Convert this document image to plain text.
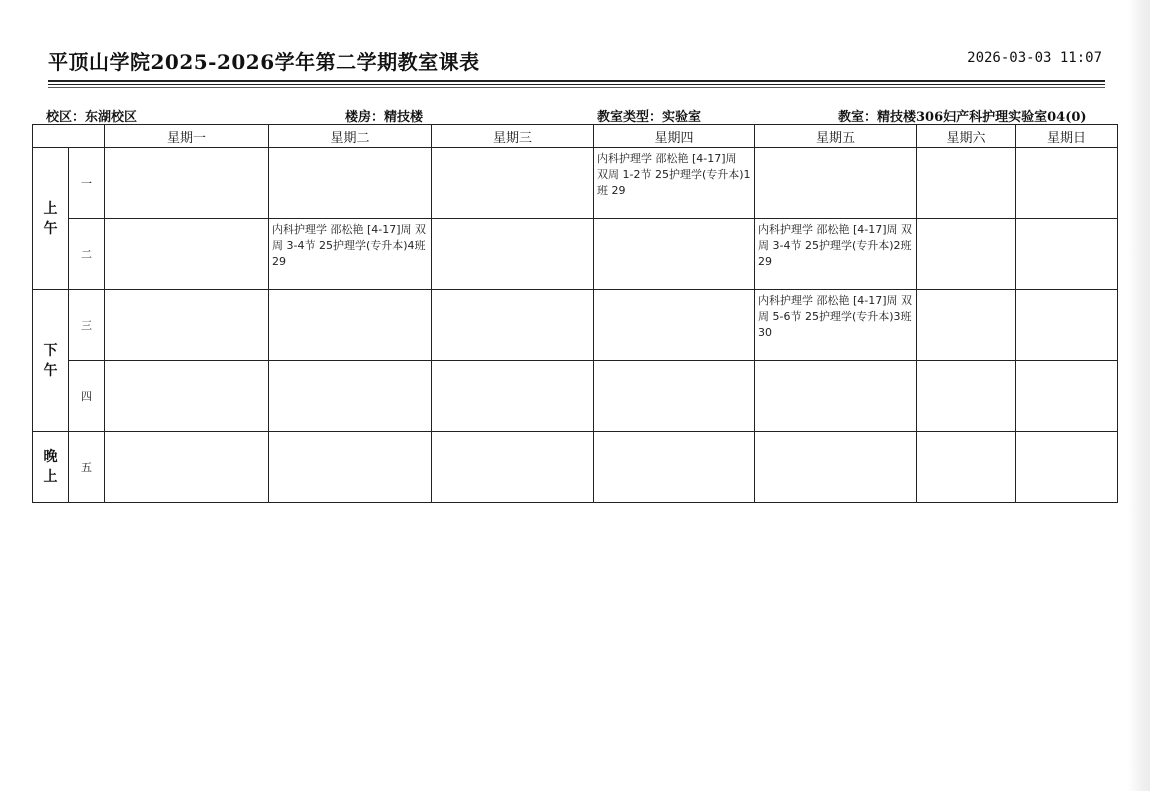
平顶山学院2025-2026学年第二学期教室课表	2026-03-03 11:07
校区：东湖校区	楼房：精技楼	教室类型：实验室	教室：精技楼306妇产科护理实验室04(0)
		星期一	星期二	星期三	星期四	星期五	星期六	星期日
上
午	一				内科护理学 邵松艳 [4-17]周 双周 1-2节 25护理学(专升本)1班 29			

	二		内科护理学 邵松艳 [4-17]周 双周 3-4节 25护理学(专升本)4班 29			内科护理学 邵松艳 [4-17]周 双周 3-4节 25护理学(专升本)2班 29		

下
午	三					内科护理学 邵松艳 [4-17]周 双周 5-6节 25护理学(专升本)3班 30		

	四							
晚
上	五							
